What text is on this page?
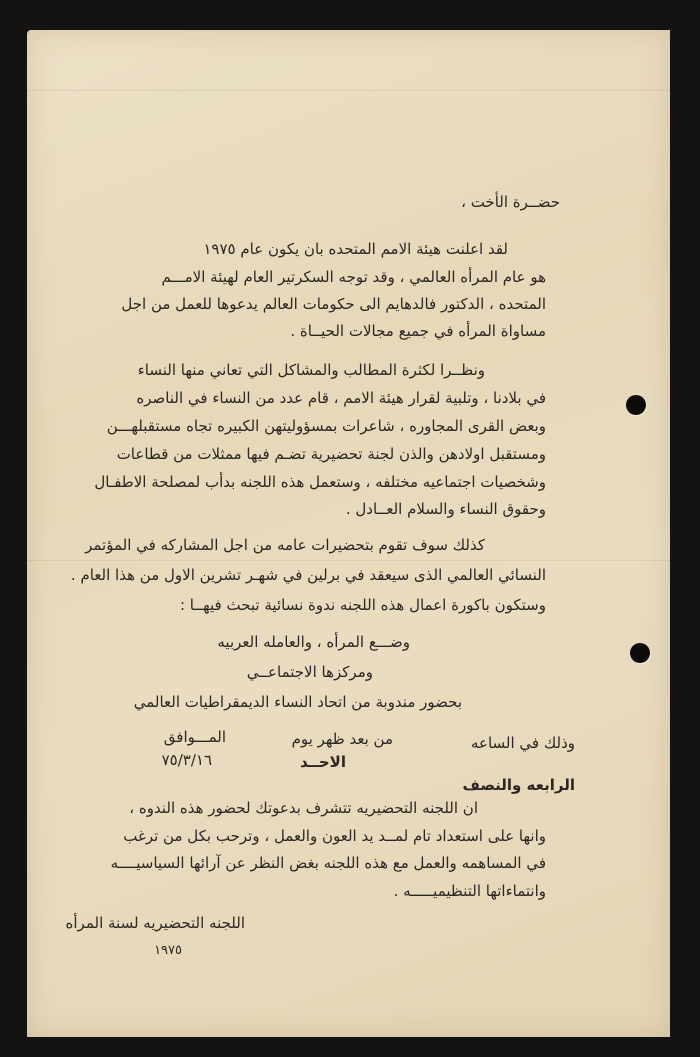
حضــرة الأخت ،
لقد اعلنت هيئة الامم المتحده بان يكون عام ١٩٧٥
هو عام المرأه العالمي ، وقد توجه السكرتير العام لهيئة الامـــم
المتحده ، الدكتور فالدهايم الى حكومات العالم يدعوها للعمل من اجل
مساواة المرأه في جميع مجالات الحيــاة .
ونظــرا لكثرة المطالب والمشاكل التي تعاني منها النساء
في بلادنا ، وتلبية لقرار هيئة الامم ، قام عدد من النساء في الناصره
وبعض القرى المجاوره ، شاعرات بمسؤوليتهن الكبيره تجاه مستقبلهـــن
ومستقبل اولادهن والذن لجنة تحضيرية تضـم فيها ممثلات من قطاعات
وشخصيات اجتماعيه مختلفه ، وستعمل هذه اللجنه بدأب لمصلحة الاطفـال
وحقوق النساء والسلام العــادل .
كذلك سوف تقوم بتحضيرات عامه من اجل المشاركه في المؤتمر
النسائي العالمي الذى سيعقد في برلين في شهـر تشرين الاول من هذا العام .
وستكون باكورة اعمال هذه اللجنه ندوة نسائية تبحث فيهــا :
وضـــع المرأه ، والعامله العربيه
ومركزها الاجتماعــي
بحضور مندوبة من اتحاد النساء الديمقراطيات العالمي
وذلك في الساعه
من بعد ظهر يوم
المـــوافق
الاحــد
٧٥/٣/١٦
الرابعه والنصف
ان اللجنه التحضيريه تتشرف بدعوتك لحضور هذه الندوه ،
وانها على استعداد تام لمــد يد العون والعمل ، وترحب بكل من ترغب
في المساهمه والعمل مع هذه اللجنه بغض النظر عن آرائها السياسيــــه
وانتماءاتها التنظيميـــــه .
اللجنه التحضيريه لسنة المرأه
١٩٧٥
